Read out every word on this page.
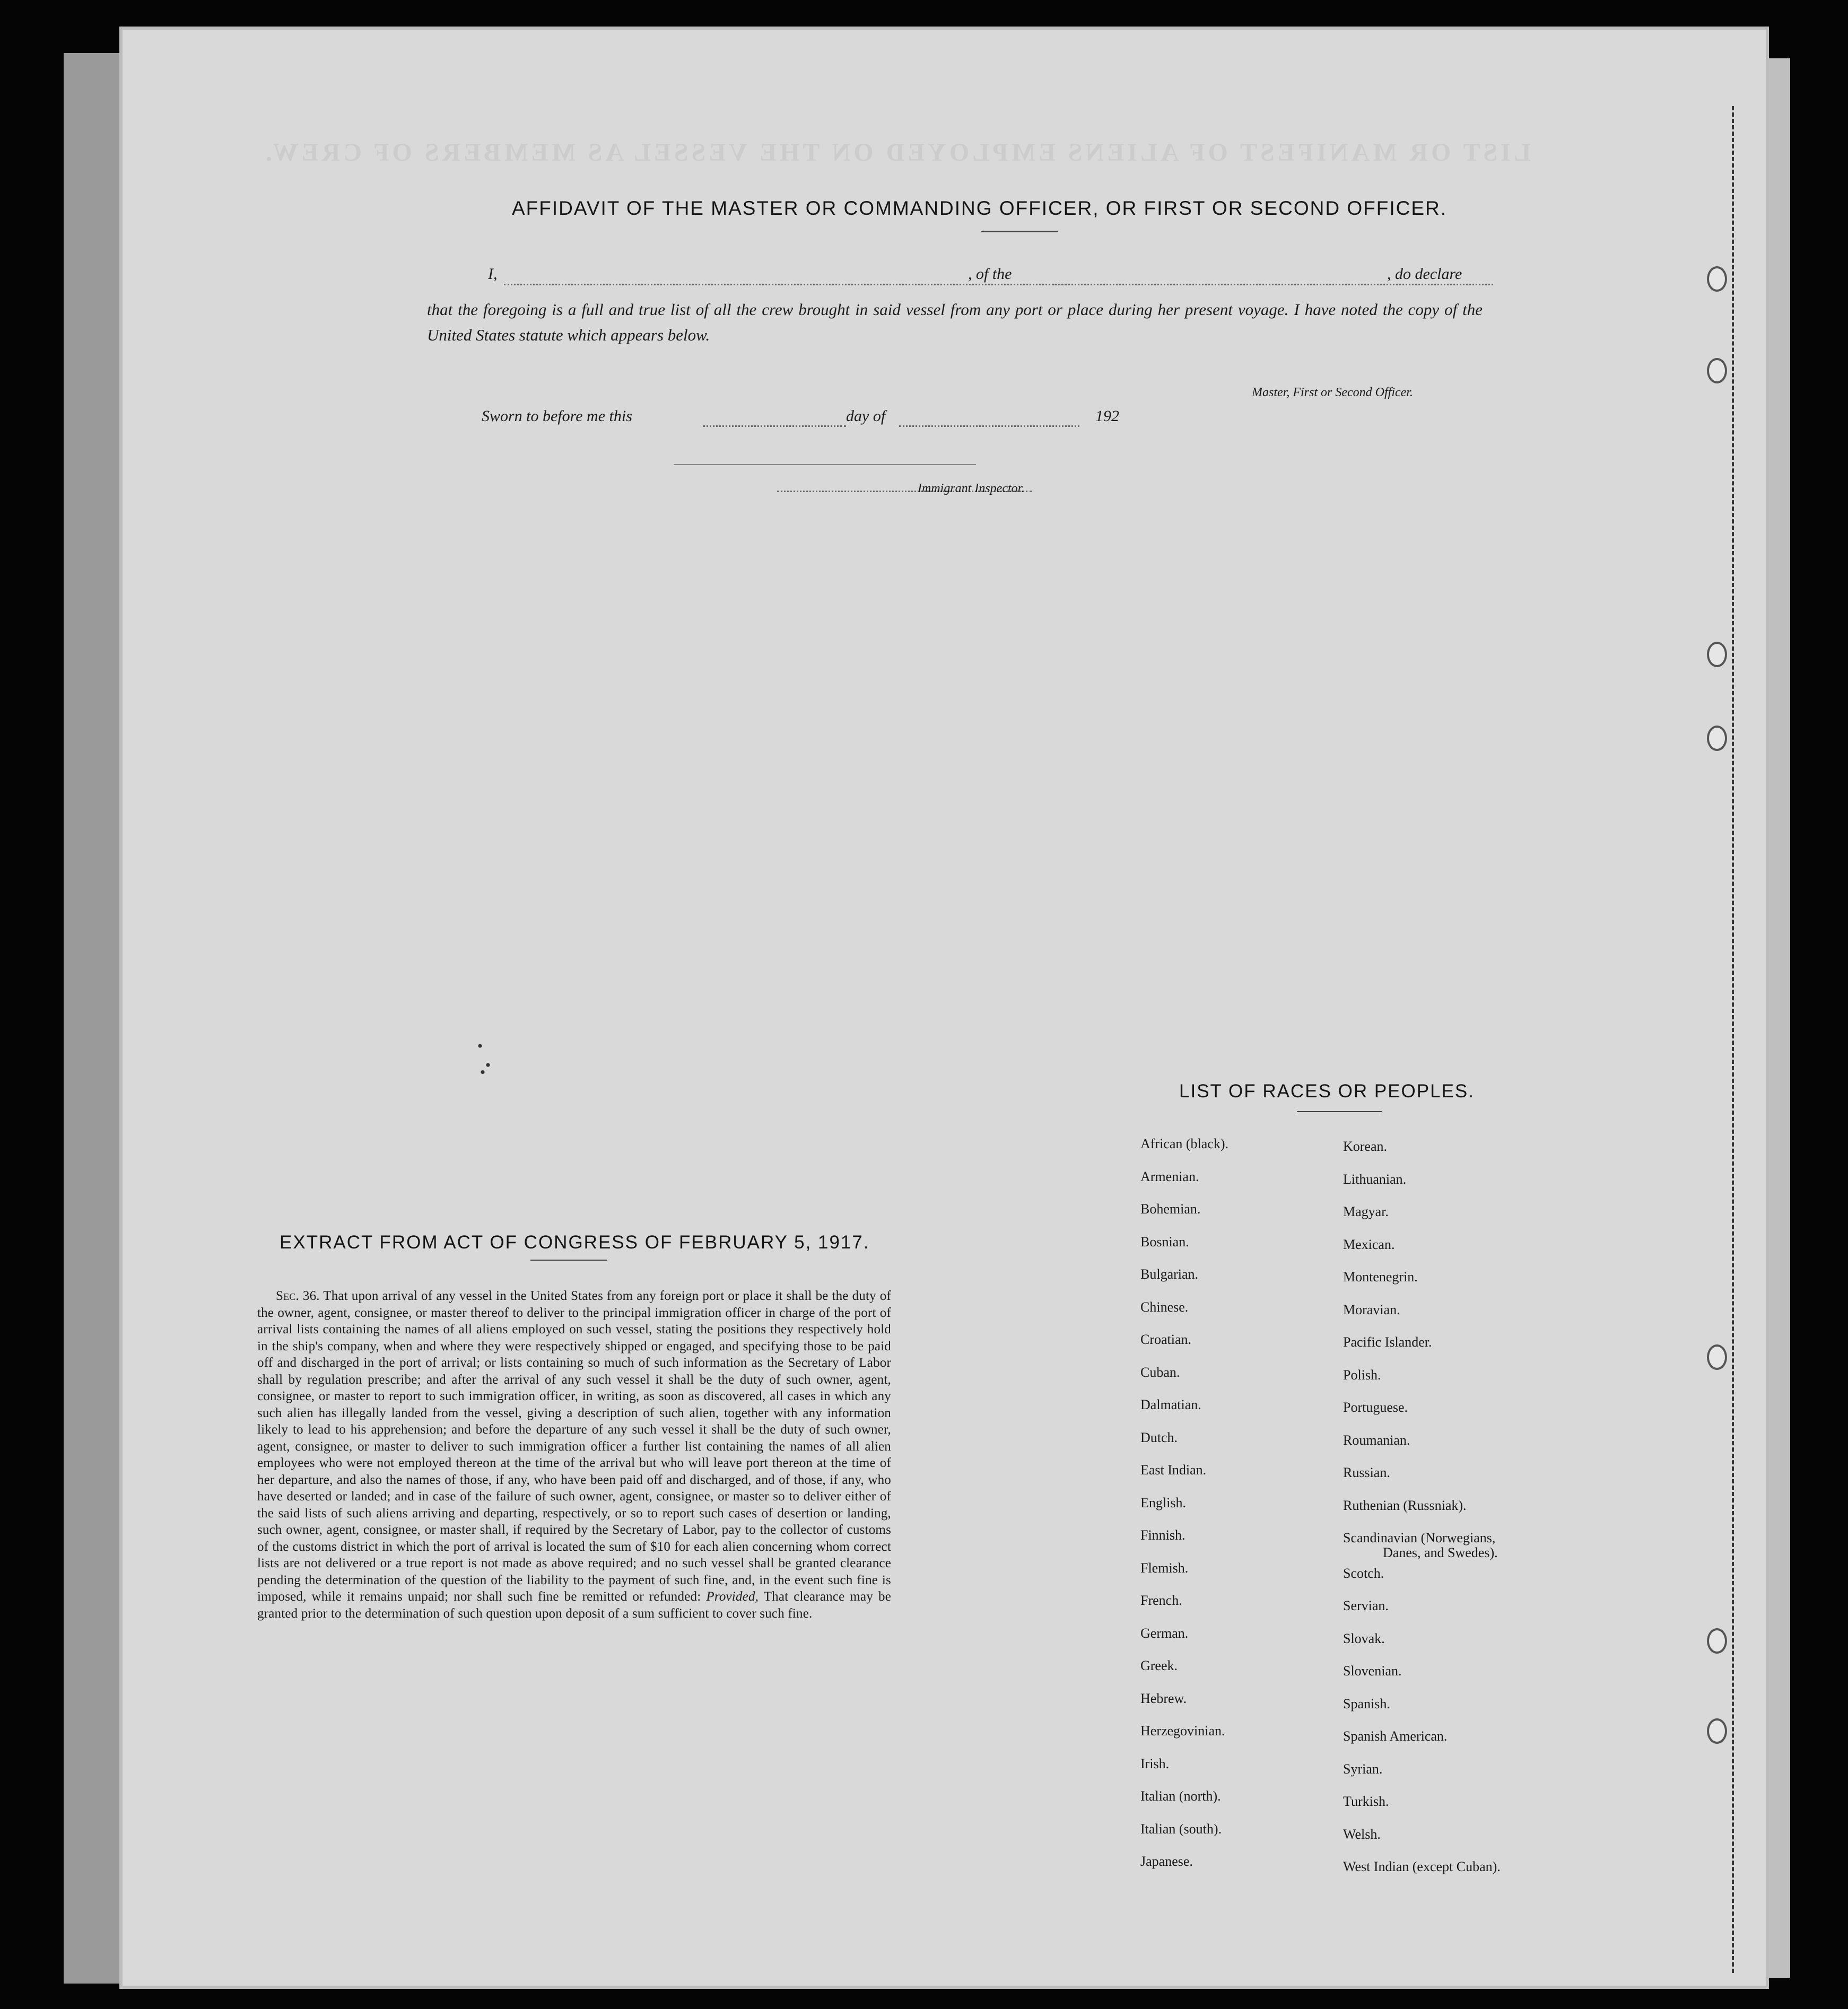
LIST OR MANIFEST OF ALIENS EMPLOYED ON THE VESSEL AS MEMBERS OF CREW.
AFFIDAVIT OF THE MASTER OR COMMANDING OFFICER, OR FIRST OR SECOND OFFICER.
I,	, of the	, do declare
that the foregoing is a full and true list of all the crew brought in said vessel from any port or place during her present voyage. I have noted the copy of the United States statute which appears below.
Master, First or Second Officer.
Sworn to before me this	day of	192
Immigrant Inspector.
EXTRACT FROM ACT OF CONGRESS OF FEBRUARY 5, 1917.
Sec. 36. That upon arrival of any vessel in the United States from any foreign port or place it shall be the duty of the owner, agent, consignee, or master thereof to deliver to the principal immigration officer in charge of the port of arrival lists containing the names of all aliens employed on such vessel, stating the positions they respectively hold in the ship's company, when and where they were respectively shipped or engaged, and specifying those to be paid off and discharged in the port of arrival; or lists containing so much of such information as the Secretary of Labor shall by regulation prescribe; and after the arrival of any such vessel it shall be the duty of such owner, agent, consignee, or master to report to such immigration officer, in writing, as soon as discovered, all cases in which any such alien has illegally landed from the vessel, giving a description of such alien, together with any information likely to lead to his apprehension; and before the departure of any such vessel it shall be the duty of such owner, agent, consignee, or master to deliver to such immigration officer a further list containing the names of all alien employees who were not employed thereon at the time of the arrival but who will leave port thereon at the time of her departure, and also the names of those, if any, who have been paid off and discharged, and of those, if any, who have deserted or landed; and in case of the failure of such owner, agent, consignee, or master so to deliver either of the said lists of such aliens arriving and departing, respectively, or so to report such cases of desertion or landing, such owner, agent, consignee, or master shall, if required by the Secretary of Labor, pay to the collector of customs of the customs district in which the port of arrival is located the sum of $10 for each alien concerning whom correct lists are not delivered or a true report is not made as above required; and no such vessel shall be granted clearance pending the determination of the question of the liability to the payment of such fine, and, in the event such fine is imposed, while it remains unpaid; nor shall such fine be remitted or refunded: Provided, That clearance may be granted prior to the determination of such question upon deposit of a sum sufficient to cover such fine.
LIST OF RACES OR PEOPLES.
African (black).
Armenian.
Bohemian.
Bosnian.
Bulgarian.
Chinese.
Croatian.
Cuban.
Dalmatian.
Dutch.
East Indian.
English.
Finnish.
Flemish.
French.
German.
Greek.
Hebrew.
Herzegovinian.
Irish.
Italian (north).
Italian (south).
Japanese.
Korean.
Lithuanian.
Magyar.
Mexican.
Montenegrin.
Moravian.
Pacific Islander.
Polish.
Portuguese.
Roumanian.
Russian.
Ruthenian (Russniak).
Scandinavian (Norwegians,
Danes, and Swedes).
Scotch.
Servian.
Slovak.
Slovenian.
Spanish.
Spanish American.
Syrian.
Turkish.
Welsh.
West Indian (except Cuban).
